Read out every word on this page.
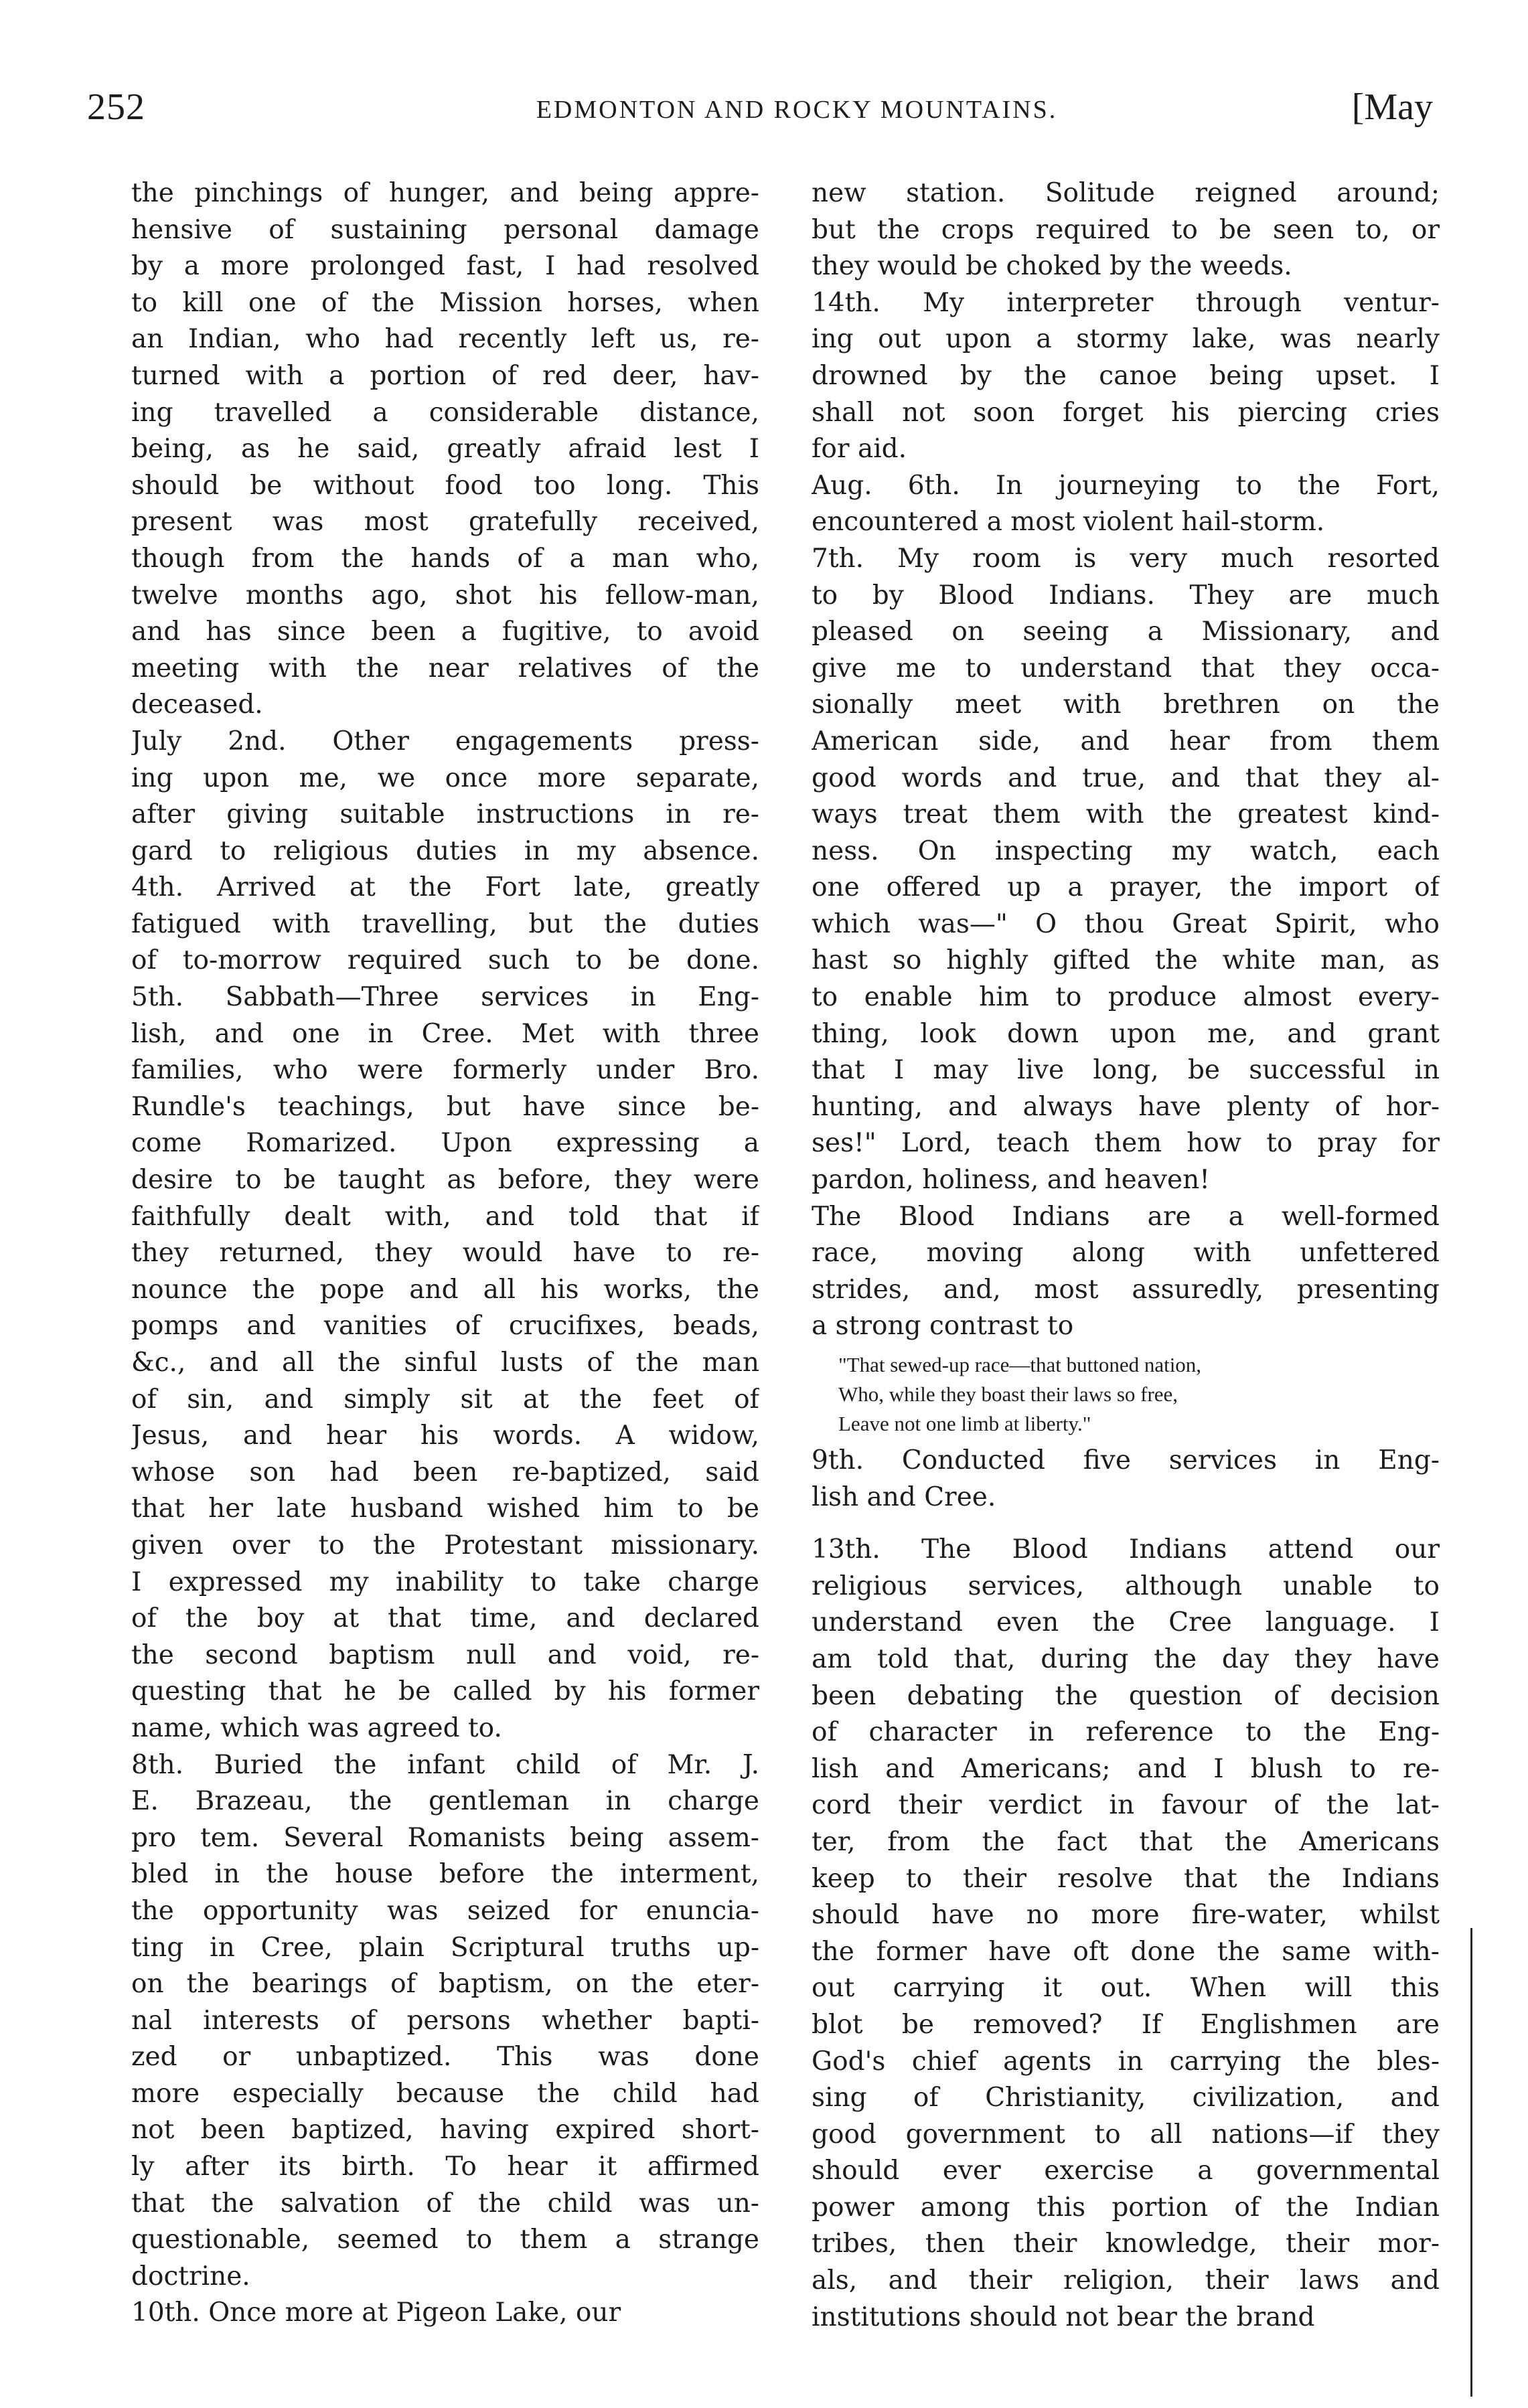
252	EDMONTON AND ROCKY MOUNTAINS.	[May
the pinchings of hunger, and being appre-
hensive of sustaining personal damage
by a more prolonged fast, I had resolved
to kill one of the Mission horses, when
an Indian, who had recently left us, re-
turned with a portion of red deer, hav-
ing travelled a considerable distance,
being, as he said, greatly afraid lest I
should be without food too long. This
present was most gratefully received,
though from the hands of a man who,
twelve months ago, shot his fellow-man,
and has since been a fugitive, to avoid
meeting with the near relatives of the
deceased.
July 2nd. Other engagements press-
ing upon me, we once more separate,
after giving suitable instructions in re-
gard to religious duties in my absence.
4th. Arrived at the Fort late, greatly
fatigued with travelling, but the duties
of to-morrow required such to be done.
5th. Sabbath—Three services in Eng-
lish, and one in Cree. Met with three
families, who were formerly under Bro.
Rundle's teachings, but have since be-
come Romarized. Upon expressing a
desire to be taught as before, they were
faithfully dealt with, and told that if
they returned, they would have to re-
nounce the pope and all his works, the
pomps and vanities of crucifixes, beads,
&c., and all the sinful lusts of the man
of sin, and simply sit at the feet of
Jesus, and hear his words. A widow,
whose son had been re-baptized, said
that her late husband wished him to be
given over to the Protestant missionary.
I expressed my inability to take charge
of the boy at that time, and declared
the second baptism null and void, re-
questing that he be called by his former
name, which was agreed to.
8th. Buried the infant child of Mr. J.
E. Brazeau, the gentleman in charge
pro tem. Several Romanists being assem-
bled in the house before the interment,
the opportunity was seized for enuncia-
ting in Cree, plain Scriptural truths up-
on the bearings of baptism, on the eter-
nal interests of persons whether bapti-
zed or unbaptized. This was done
more especially because the child had
not been baptized, having expired short-
ly after its birth. To hear it affirmed
that the salvation of the child was un-
questionable, seemed to them a strange
doctrine.
10th. Once more at Pigeon Lake, our
new station. Solitude reigned around;
but the crops required to be seen to, or
they would be choked by the weeds.
14th. My interpreter through ventur-
ing out upon a stormy lake, was nearly
drowned by the canoe being upset. I
shall not soon forget his piercing cries
for aid.
Aug. 6th. In journeying to the Fort,
encountered a most violent hail-storm.
7th. My room is very much resorted
to by Blood Indians. They are much
pleased on seeing a Missionary, and
give me to understand that they occa-
sionally meet with brethren on the
American side, and hear from them
good words and true, and that they al-
ways treat them with the greatest kind-
ness. On inspecting my watch, each
one offered up a prayer, the import of
which was—" O thou Great Spirit, who
hast so highly gifted the white man, as
to enable him to produce almost every-
thing, look down upon me, and grant
that I may live long, be successful in
hunting, and always have plenty of hor-
ses!" Lord, teach them how to pray for
pardon, holiness, and heaven!
The Blood Indians are a well-formed
race, moving along with unfettered
strides, and, most assuredly, presenting
a strong contrast to
"That sewed-up race—that buttoned nation,
Who, while they boast their laws so free,
Leave not one limb at liberty."
9th. Conducted five services in Eng-
lish and Cree.
13th. The Blood Indians attend our
religious services, although unable to
understand even the Cree language. I
am told that, during the day they have
been debating the question of decision
of character in reference to the Eng-
lish and Americans; and I blush to re-
cord their verdict in favour of the lat-
ter, from the fact that the Americans
keep to their resolve that the Indians
should have no more fire-water, whilst
the former have oft done the same with-
out carrying it out. When will this
blot be removed? If Englishmen are
God's chief agents in carrying the bles-
sing of Christianity, civilization, and
good government to all nations—if they
should ever exercise a governmental
power among this portion of the Indian
tribes, then their knowledge, their mor-
als, and their religion, their laws and
institutions should not bear the brand
